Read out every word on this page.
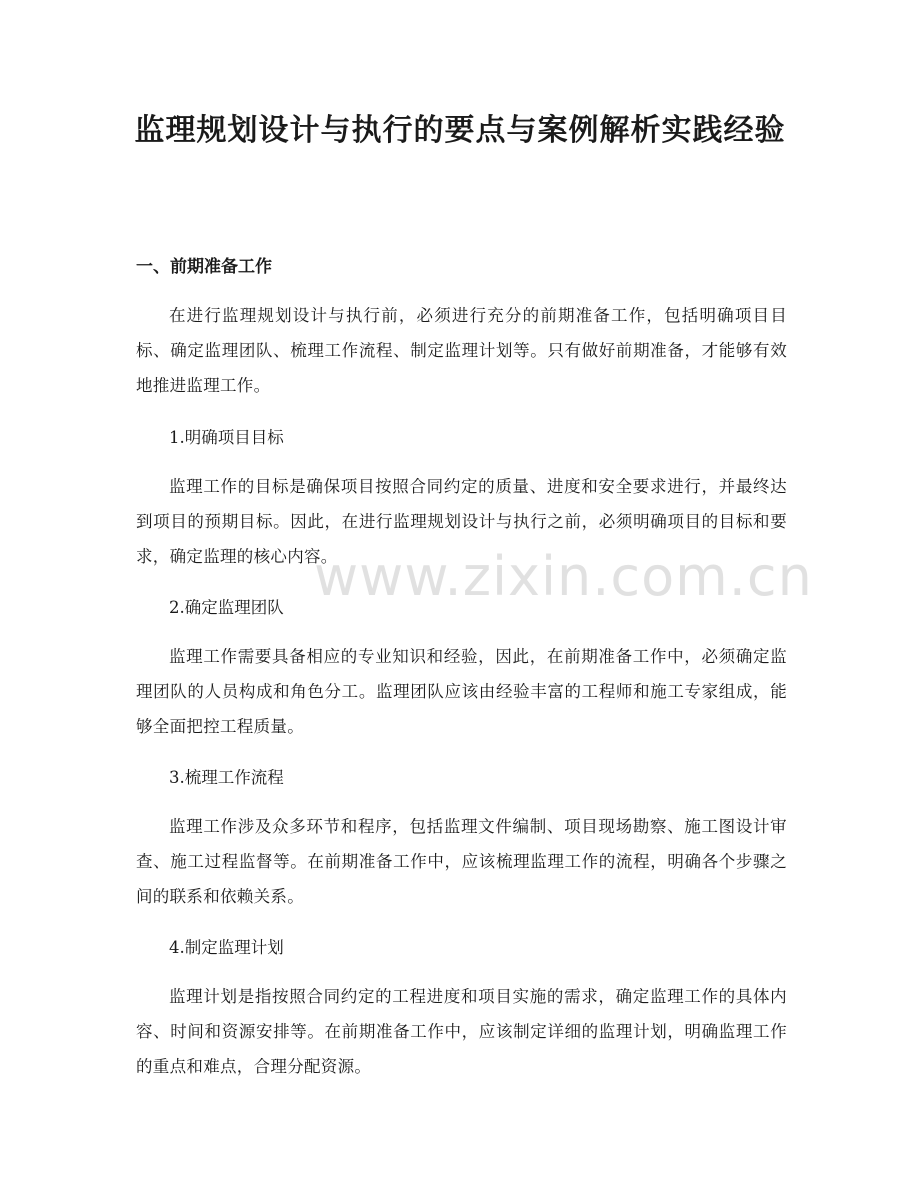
监理规划设计与执行的要点与案例解析实践经验
一、前期准备工作

在进行监理规划设计与执行前，必须进行充分的前期准备工作，包括明确项目目标、确定监理团队、梳理工作流程、制定监理计划等。只有做好前期准备，才能够有效地推进监理工作。

1.明确项目目标

监理工作的目标是确保项目按照合同约定的质量、进度和安全要求进行，并最终达到项目的预期目标。因此，在进行监理规划设计与执行之前，必须明确项目的目标和要求，确定监理的核心内容。

2.确定监理团队

监理工作需要具备相应的专业知识和经验，因此，在前期准备工作中，必须确定监理团队的人员构成和角色分工。监理团队应该由经验丰富的工程师和施工专家组成，能够全面把控工程质量。

3.梳理工作流程

监理工作涉及众多环节和程序，包括监理文件编制、项目现场勘察、施工图设计审查、施工过程监督等。在前期准备工作中，应该梳理监理工作的流程，明确各个步骤之间的联系和依赖关系。

4.制定监理计划

监理计划是指按照合同约定的工程进度和项目实施的需求，确定监理工作的具体内容、时间和资源安排等。在前期准备工作中，应该制定详细的监理计划，明确监理工作的重点和难点，合理分配资源。

www.zixin.com.cn
